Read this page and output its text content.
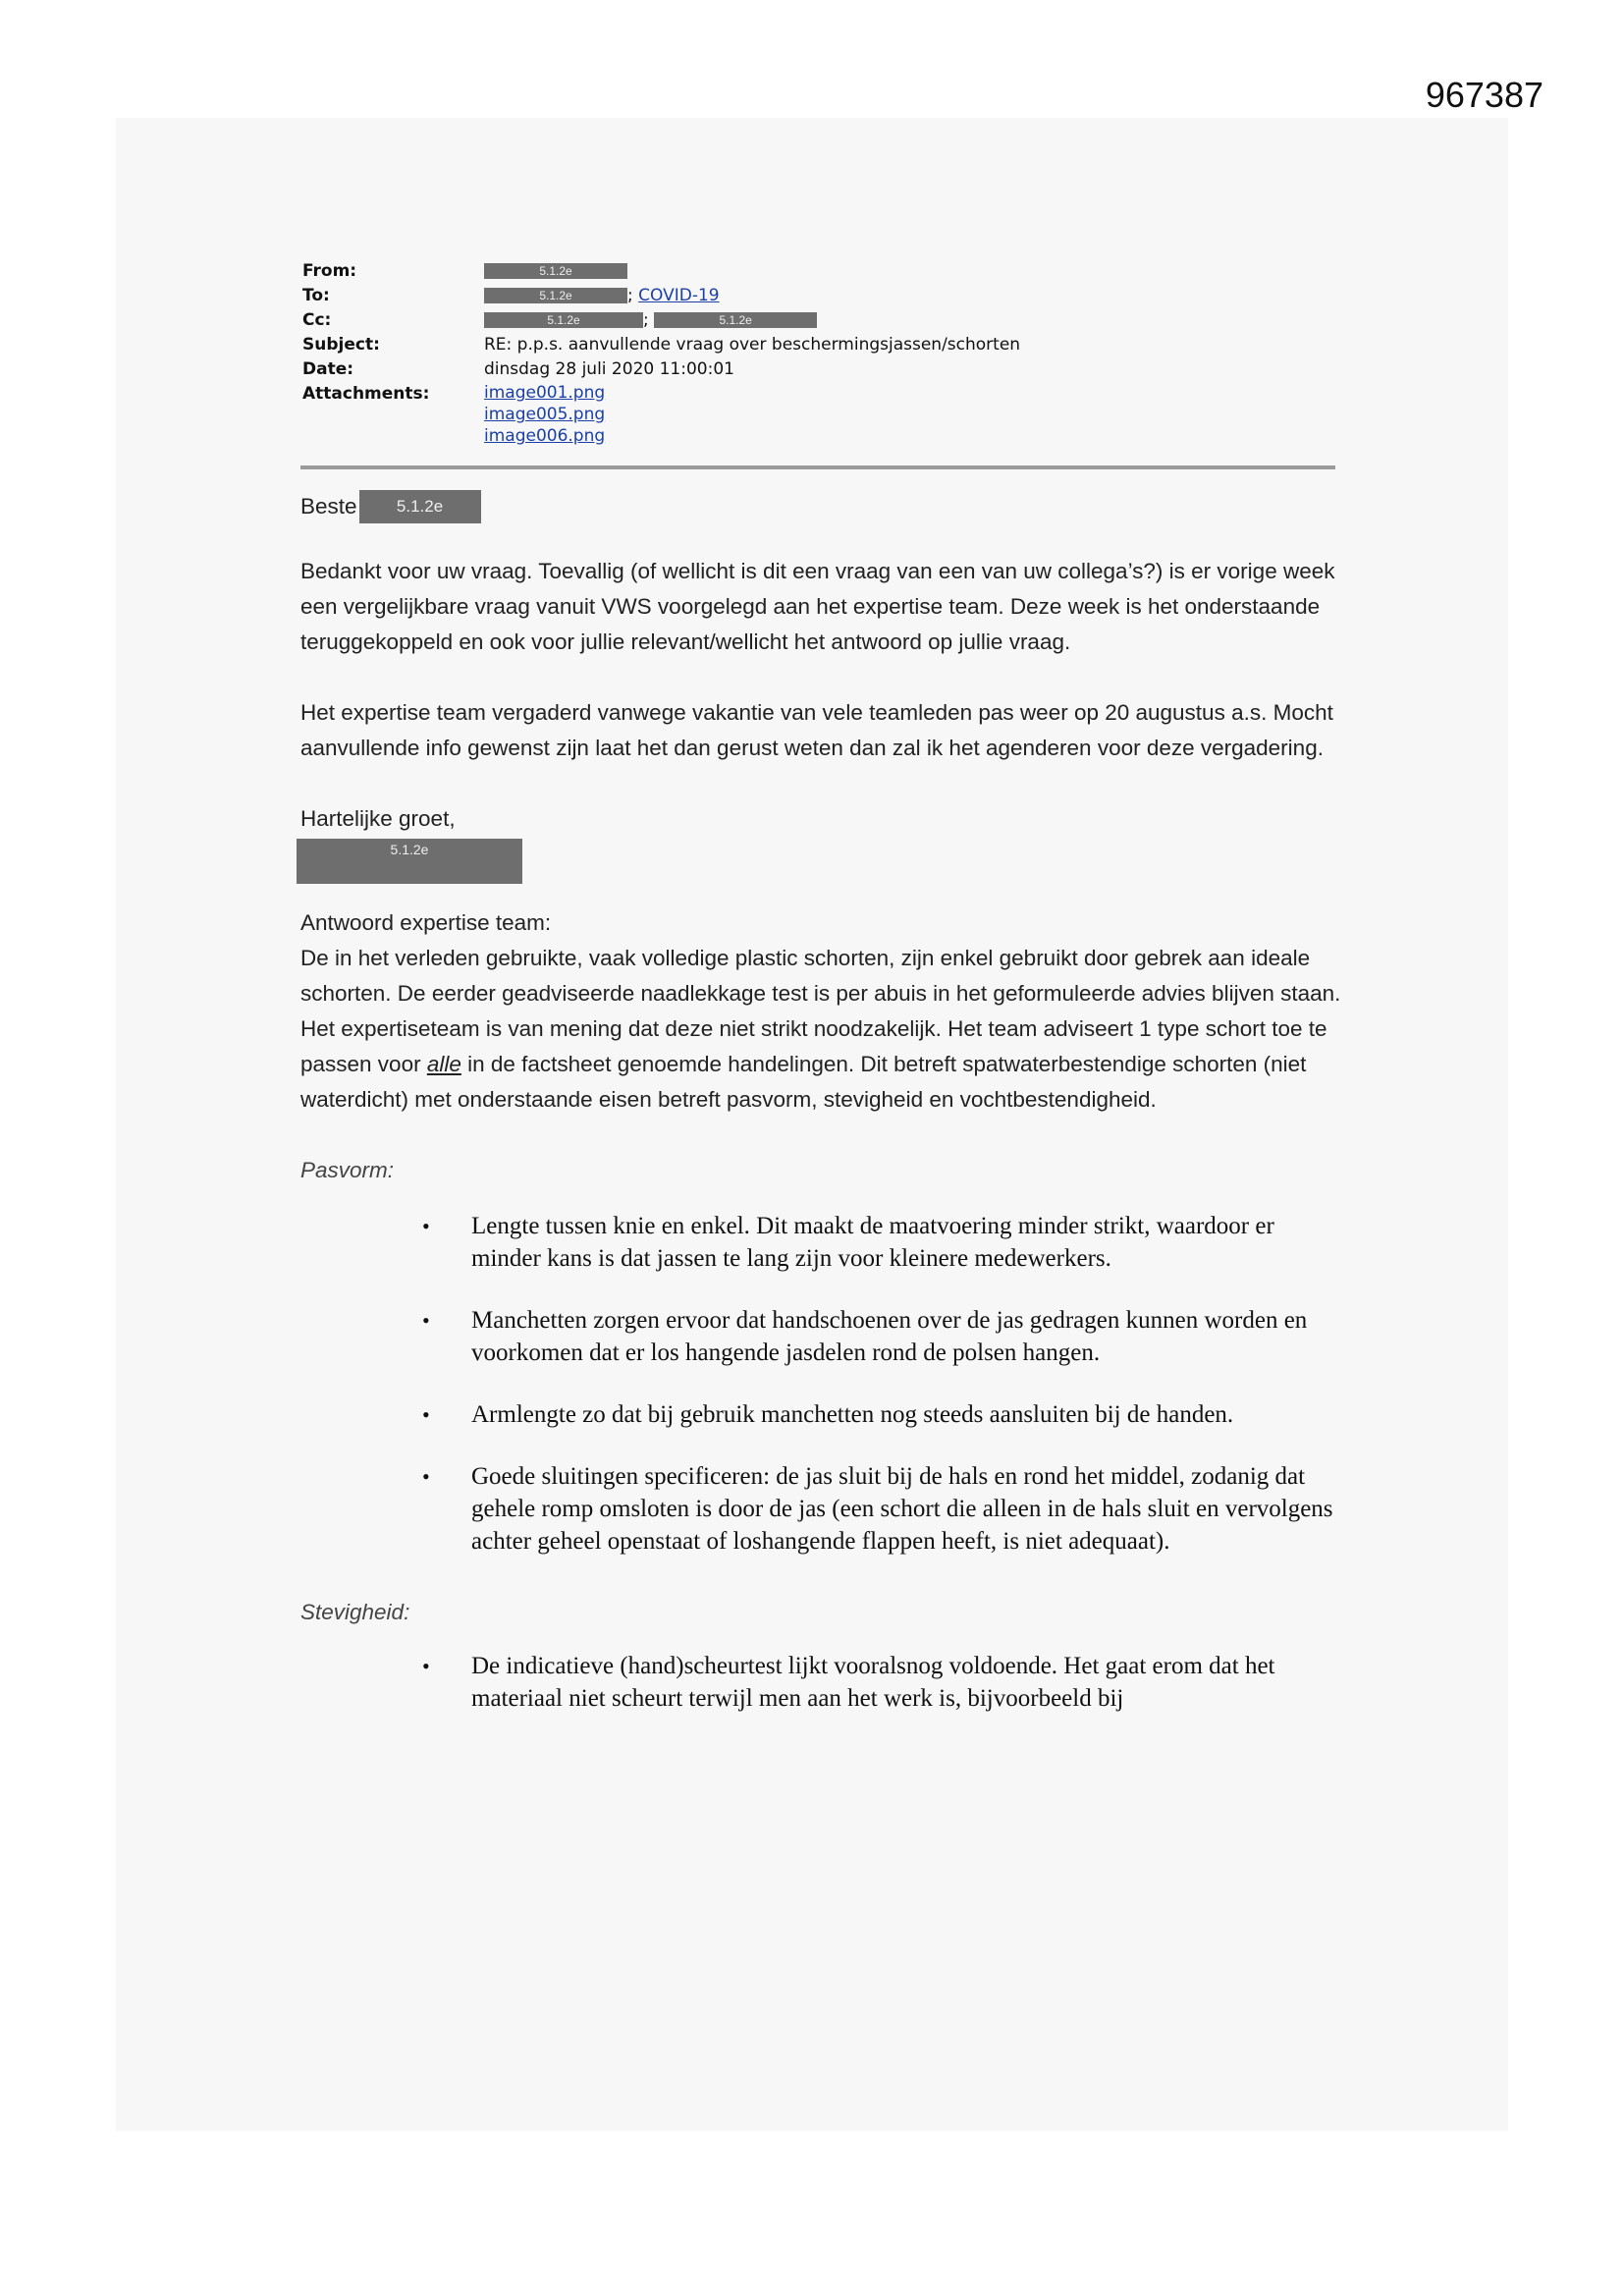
967387
From:	5.1.2e
To:	5.1.2e	; COVID-19
Cc:	5.1.2e	;	5.1.2e
Subject:	RE: p.p.s. aanvullende vraag over beschermingsjassen/schorten
Date:	dinsdag 28 juli 2020 11:00:01
Attachments:	image001.png
image005.png
image006.png
Beste	5.1.2e

Bedankt voor uw vraag. Toevallig (of wellicht is dit een vraag van een van uw collega’s?) is er vorige week een vergelijkbare vraag vanuit VWS voorgelegd aan het expertise team. Deze week is het onderstaande teruggekoppeld en ook voor jullie relevant/wellicht het antwoord op jullie vraag.

Het expertise team vergaderd vanwege vakantie van vele teamleden pas weer op 20 augustus a.s. Mocht aanvullende info gewenst zijn laat het dan gerust weten dan zal ik het agenderen voor deze vergadering.

Hartelijke groet,

5.1.2e

Antwoord expertise team:

De in het verleden gebruikte, vaak volledige plastic schorten, zijn enkel gebruikt door gebrek aan ideale schorten. De eerder geadviseerde naadlekkage test is per abuis in het geformuleerde advies blijven staan. Het expertiseteam is van mening dat deze niet strikt noodzakelijk. Het team adviseert 1 type schort toe te passen voor alle in de factsheet genoemde handelingen. Dit betreft spatwaterbestendige schorten (niet waterdicht) met onderstaande eisen betreft pasvorm, stevigheid en vochtbestendigheid.

Pasvorm:

• Lengte tussen knie en enkel. Dit maakt de maatvoering minder strikt, waardoor er minder kans is dat jassen te lang zijn voor kleinere medewerkers.
• Manchetten zorgen ervoor dat handschoenen over de jas gedragen kunnen worden en voorkomen dat er los hangende jasdelen rond de polsen hangen.
• Armlengte zo dat bij gebruik manchetten nog steeds aansluiten bij de handen.
• Goede sluitingen specificeren: de jas sluit bij de hals en rond het middel, zodanig dat gehele romp omsloten is door de jas (een schort die alleen in de hals sluit en vervolgens achter geheel openstaat of loshangende flappen heeft, is niet adequaat).

Stevigheid:

• De indicatieve (hand)scheurtest lijkt vooralsnog voldoende. Het gaat erom dat het materiaal niet scheurt terwijl men aan het werk is, bijvoorbeeld bij
